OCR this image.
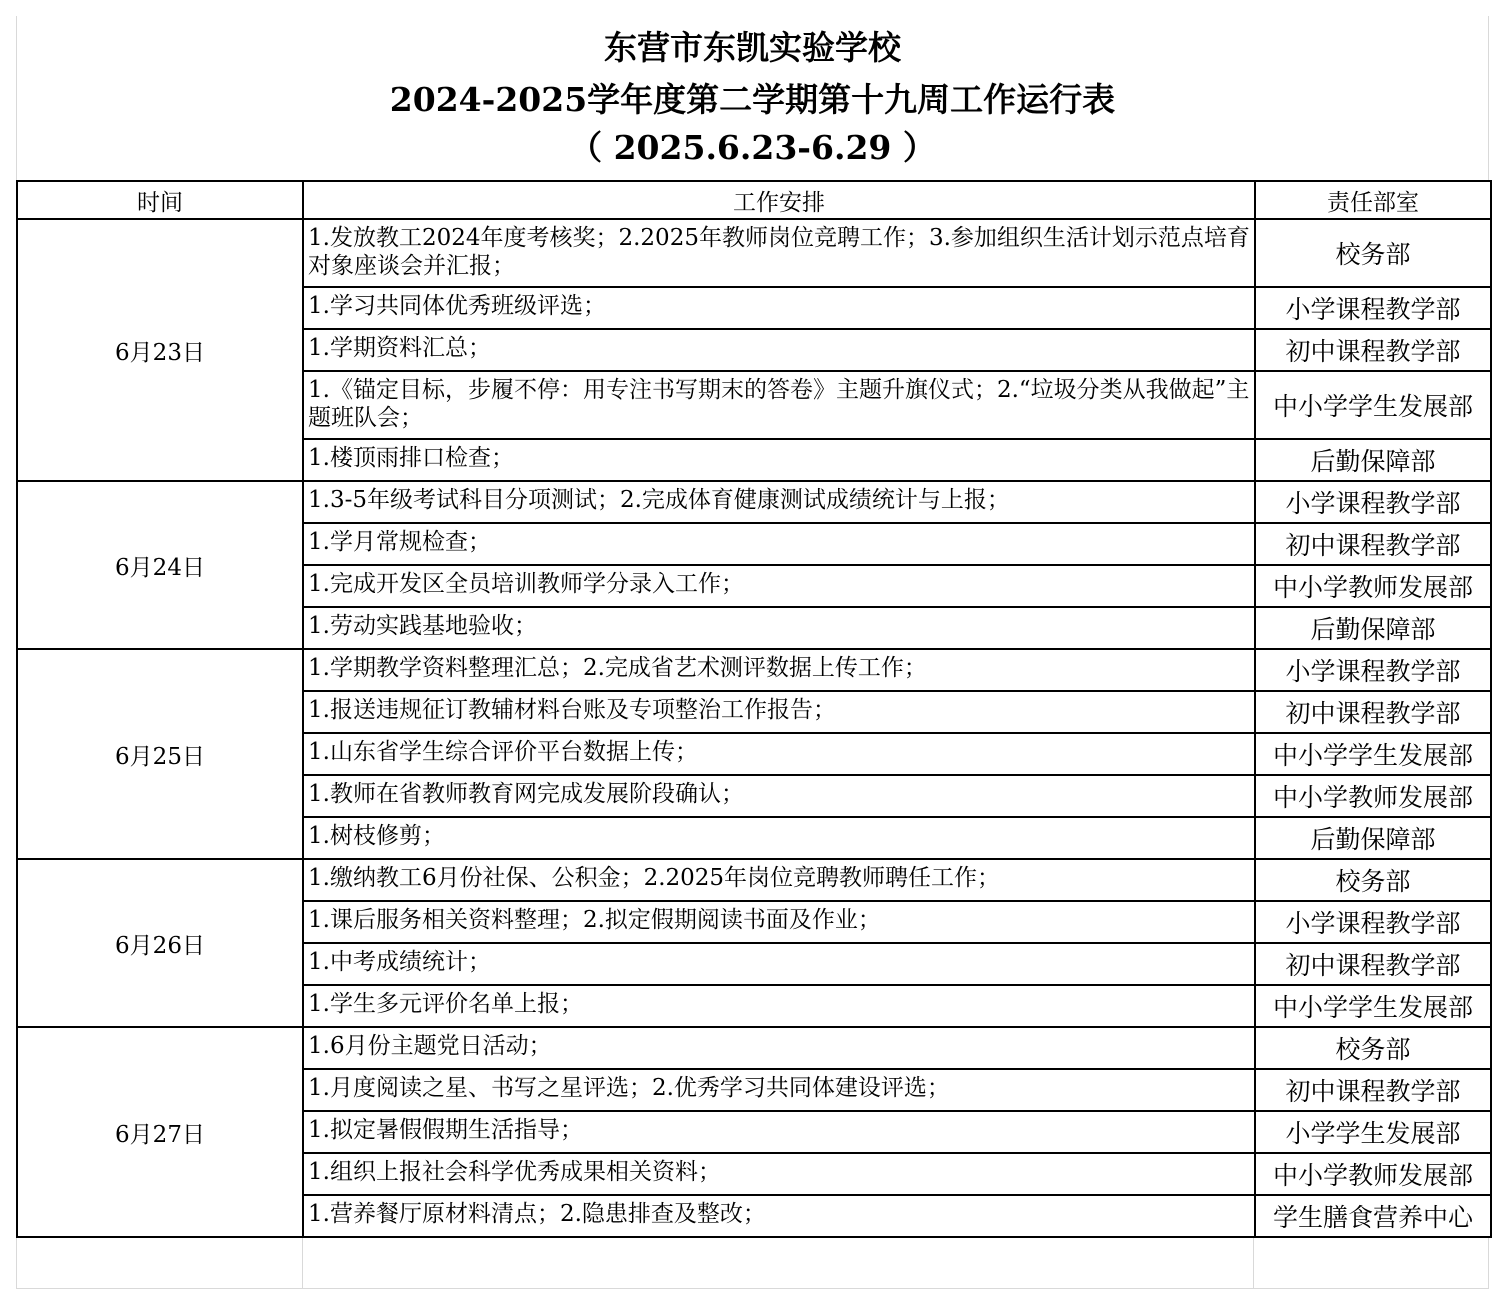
东营市东凯实验学校
2024-2025学年度第二学期第十九周工作运行表
（ 2025.6.23-6.29 ）
时间	工作安排	责任部室
6月23日	1.发放教工2024年度考核奖；2.2025年教师岗位竞聘工作；3.参加组织生活计划示范点培育对象座谈会并汇报；	校务部
	1.学习共同体优秀班级评选；	小学课程教学部
	1.学期资料汇总；	初中课程教学部
	1.《锚定目标，步履不停：用专注书写期末的答卷》主题升旗仪式；2.“垃圾分类从我做起”主题班队会；	中小学学生发展部
	1.楼顶雨排口检查；	后勤保障部
6月24日	1.3-5年级考试科目分项测试；2.完成体育健康测试成绩统计与上报；	小学课程教学部
	1.学月常规检查；	初中课程教学部
	1.完成开发区全员培训教师学分录入工作；	中小学教师发展部
	1.劳动实践基地验收；	后勤保障部
6月25日	1.学期教学资料整理汇总；2.完成省艺术测评数据上传工作；	小学课程教学部
	1.报送违规征订教辅材料台账及专项整治工作报告；	初中课程教学部
	1.山东省学生综合评价平台数据上传；	中小学学生发展部
	1.教师在省教师教育网完成发展阶段确认；	中小学教师发展部
	1.树枝修剪；	后勤保障部
6月26日	1.缴纳教工6月份社保、公积金；2.2025年岗位竞聘教师聘任工作；	校务部
	1.课后服务相关资料整理；2.拟定假期阅读书面及作业；	小学课程教学部
	1.中考成绩统计；	初中课程教学部
	1.学生多元评价名单上报；	中小学学生发展部
6月27日	1.6月份主题党日活动；	校务部
	1.月度阅读之星、书写之星评选；2.优秀学习共同体建设评选；	初中课程教学部
	1.拟定暑假假期生活指导；	小学学生发展部
	1.组织上报社会科学优秀成果相关资料；	中小学教师发展部
	1.营养餐厅原材料清点；2.隐患排查及整改；	学生膳食营养中心
